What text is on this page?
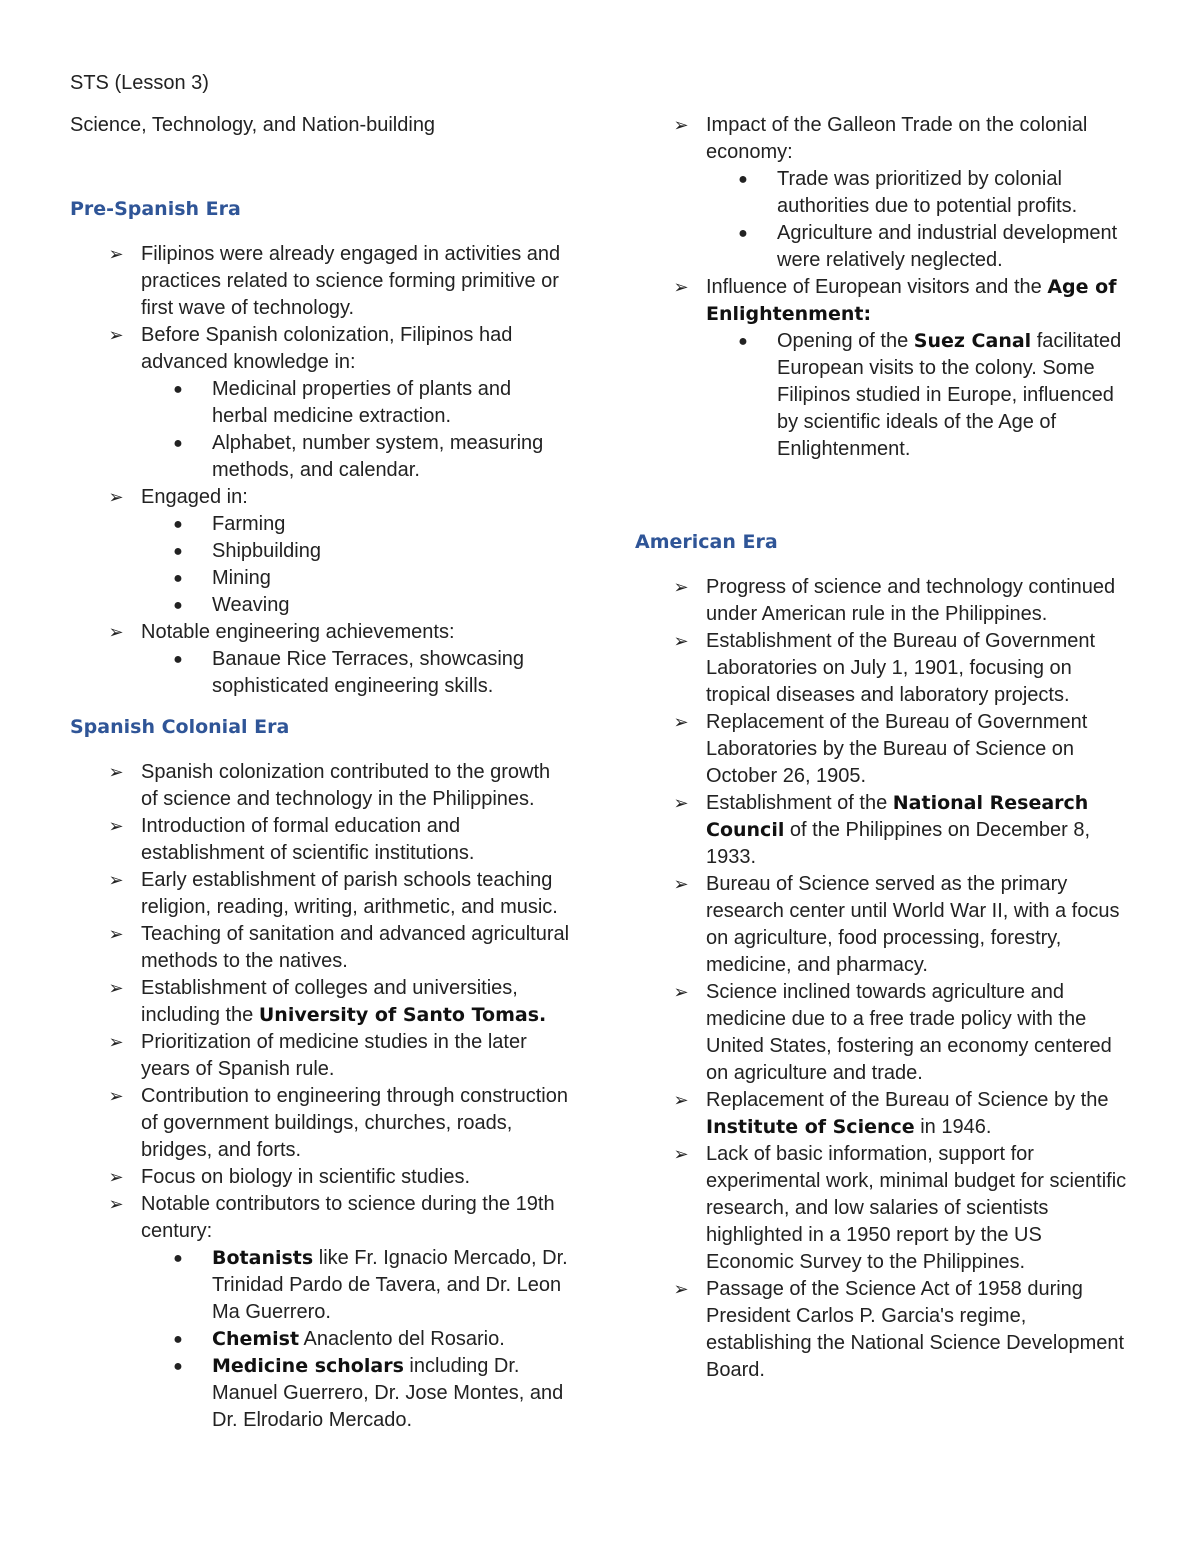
STS (Lesson 3)

Science, Technology, and Nation-building

Pre-Spanish Era
➢ Filipinos were already engaged in activities and practices related to science forming primitive or first wave of technology.
➢ Before Spanish colonization, Filipinos had advanced knowledge in:
● Medicinal properties of plants and herbal medicine extraction.
● Alphabet, number system, measuring methods, and calendar.
➢ Engaged in:
● Farming
● Shipbuilding
● Mining
● Weaving
➢ Notable engineering achievements:
● Banaue Rice Terraces, showcasing sophisticated engineering skills.
Spanish Colonial Era
➢ Spanish colonization contributed to the growth of science and technology in the Philippines.
➢ Introduction of formal education and establishment of scientific institutions.
➢ Early establishment of parish schools teaching religion, reading, writing, arithmetic, and music.
➢ Teaching of sanitation and advanced agricultural methods to the natives.
➢ Establishment of colleges and universities, including the University of Santo Tomas.
➢ Prioritization of medicine studies in the later years of Spanish rule.
➢ Contribution to engineering through construction of government buildings, churches, roads, bridges, and forts.
➢ Focus on biology in scientific studies.
➢ Notable contributors to science during the 19th century:
● Botanists like Fr. Ignacio Mercado, Dr. Trinidad Pardo de Tavera, and Dr. Leon Ma Guerrero.
● Chemist Anaclento del Rosario.
● Medicine scholars including Dr. Manuel Guerrero, Dr. Jose Montes, and Dr. Elrodario Mercado.
➢ Impact of the Galleon Trade on the colonial economy:
● Trade was prioritized by colonial authorities due to potential profits.
● Agriculture and industrial development were relatively neglected.
➢ Influence of European visitors and the Age of Enlightenment:
● Opening of the Suez Canal facilitated European visits to the colony. Some Filipinos studied in Europe, influenced by scientific ideals of the Age of Enlightenment.
American Era
➢ Progress of science and technology continued under American rule in the Philippines.
➢ Establishment of the Bureau of Government Laboratories on July 1, 1901, focusing on tropical diseases and laboratory projects.
➢ Replacement of the Bureau of Government Laboratories by the Bureau of Science on October 26, 1905.
➢ Establishment of the National Research Council of the Philippines on December 8, 1933.
➢ Bureau of Science served as the primary research center until World War II, with a focus on agriculture, food processing, forestry, medicine, and pharmacy.
➢ Science inclined towards agriculture and medicine due to a free trade policy with the United States, fostering an economy centered on agriculture and trade.
➢ Replacement of the Bureau of Science by the Institute of Science in 1946.
➢ Lack of basic information, support for experimental work, minimal budget for scientific research, and low salaries of scientists highlighted in a 1950 report by the US Economic Survey to the Philippines.
➢ Passage of the Science Act of 1958 during President Carlos P. Garcia's regime, establishing the National Science Development Board.
